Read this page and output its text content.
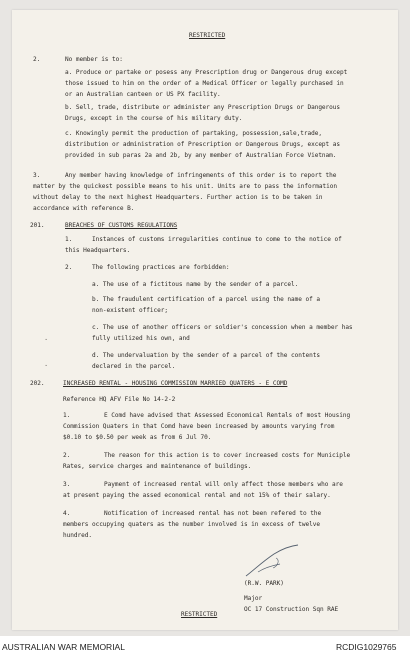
RESTRICTED

2.	No member is to:

a. Produce or partake or posess any Prescription drug or Dangerous drug except

those issued to him on the order of a Medical Officer or legally purchased in

or an Australian canteen or US PX facility.

b. Sell, trade, distribute or administer any Prescription Drugs or Dangerous

Drugs, except in the course of his military duty.

c. Knowingly permit the production of partaking, possession,sale,trade,

distribution or administration of Prescription or Dangerous Drugs, except as

provided in sub paras 2a and 2b, by any member of Australian Force Vietnam.

3.	Any member having knowledge of infringements of this order is to report the

matter by the quickest possible means to his unit. Units are to pass the information

without delay to the next highest Headquarters. Further action is to be taken in

accordance with reference B.

201.	BREACHES OF CUSTOMS REGULATIONS

1.	Instances of customs irregularities continue to come to the notice of

this Headquarters.

2.	The following practices are forbidden:

a. The use of a fictitous name by the sender of a parcel.

b. The fraudulent certification of a parcel using the name of a

non-existent officer;

c. The use of another officers or soldier's concession when a member has

fully utilized his own, and

d. The undervaluation by the sender of a parcel of the contents

declared in the parcel.

202.	INCREASED RENTAL - HOUSING COMMISSION MARRIED QUATERS - E COMD

Reference HQ AFV File No 14-2-2

1.	E Comd have advised that Assessed Economical Rentals of most Housing

Commission Quaters in that Comd have been increased by amounts varying from

$0.10 to $0.50 per week as from 6 Jul 70.

2.	The reason for this action is to cover increased costs for Municiple

Rates, service charges and maintenance of buildings.

3.	Payment of increased rental will only affect those members who are

at present paying the assed economical rental and not 15% of their salary.

4.	Notification of increased rental has not been refered to the

members occupying quaters as the number involved is in excess of twelve

hundred.

(R.W. PARK)

Major

OC 17 Construction Sqn RAE

RESTRICTED

·
·

AUSTRALIAN WAR MEMORIAL	RCDIG1029765
